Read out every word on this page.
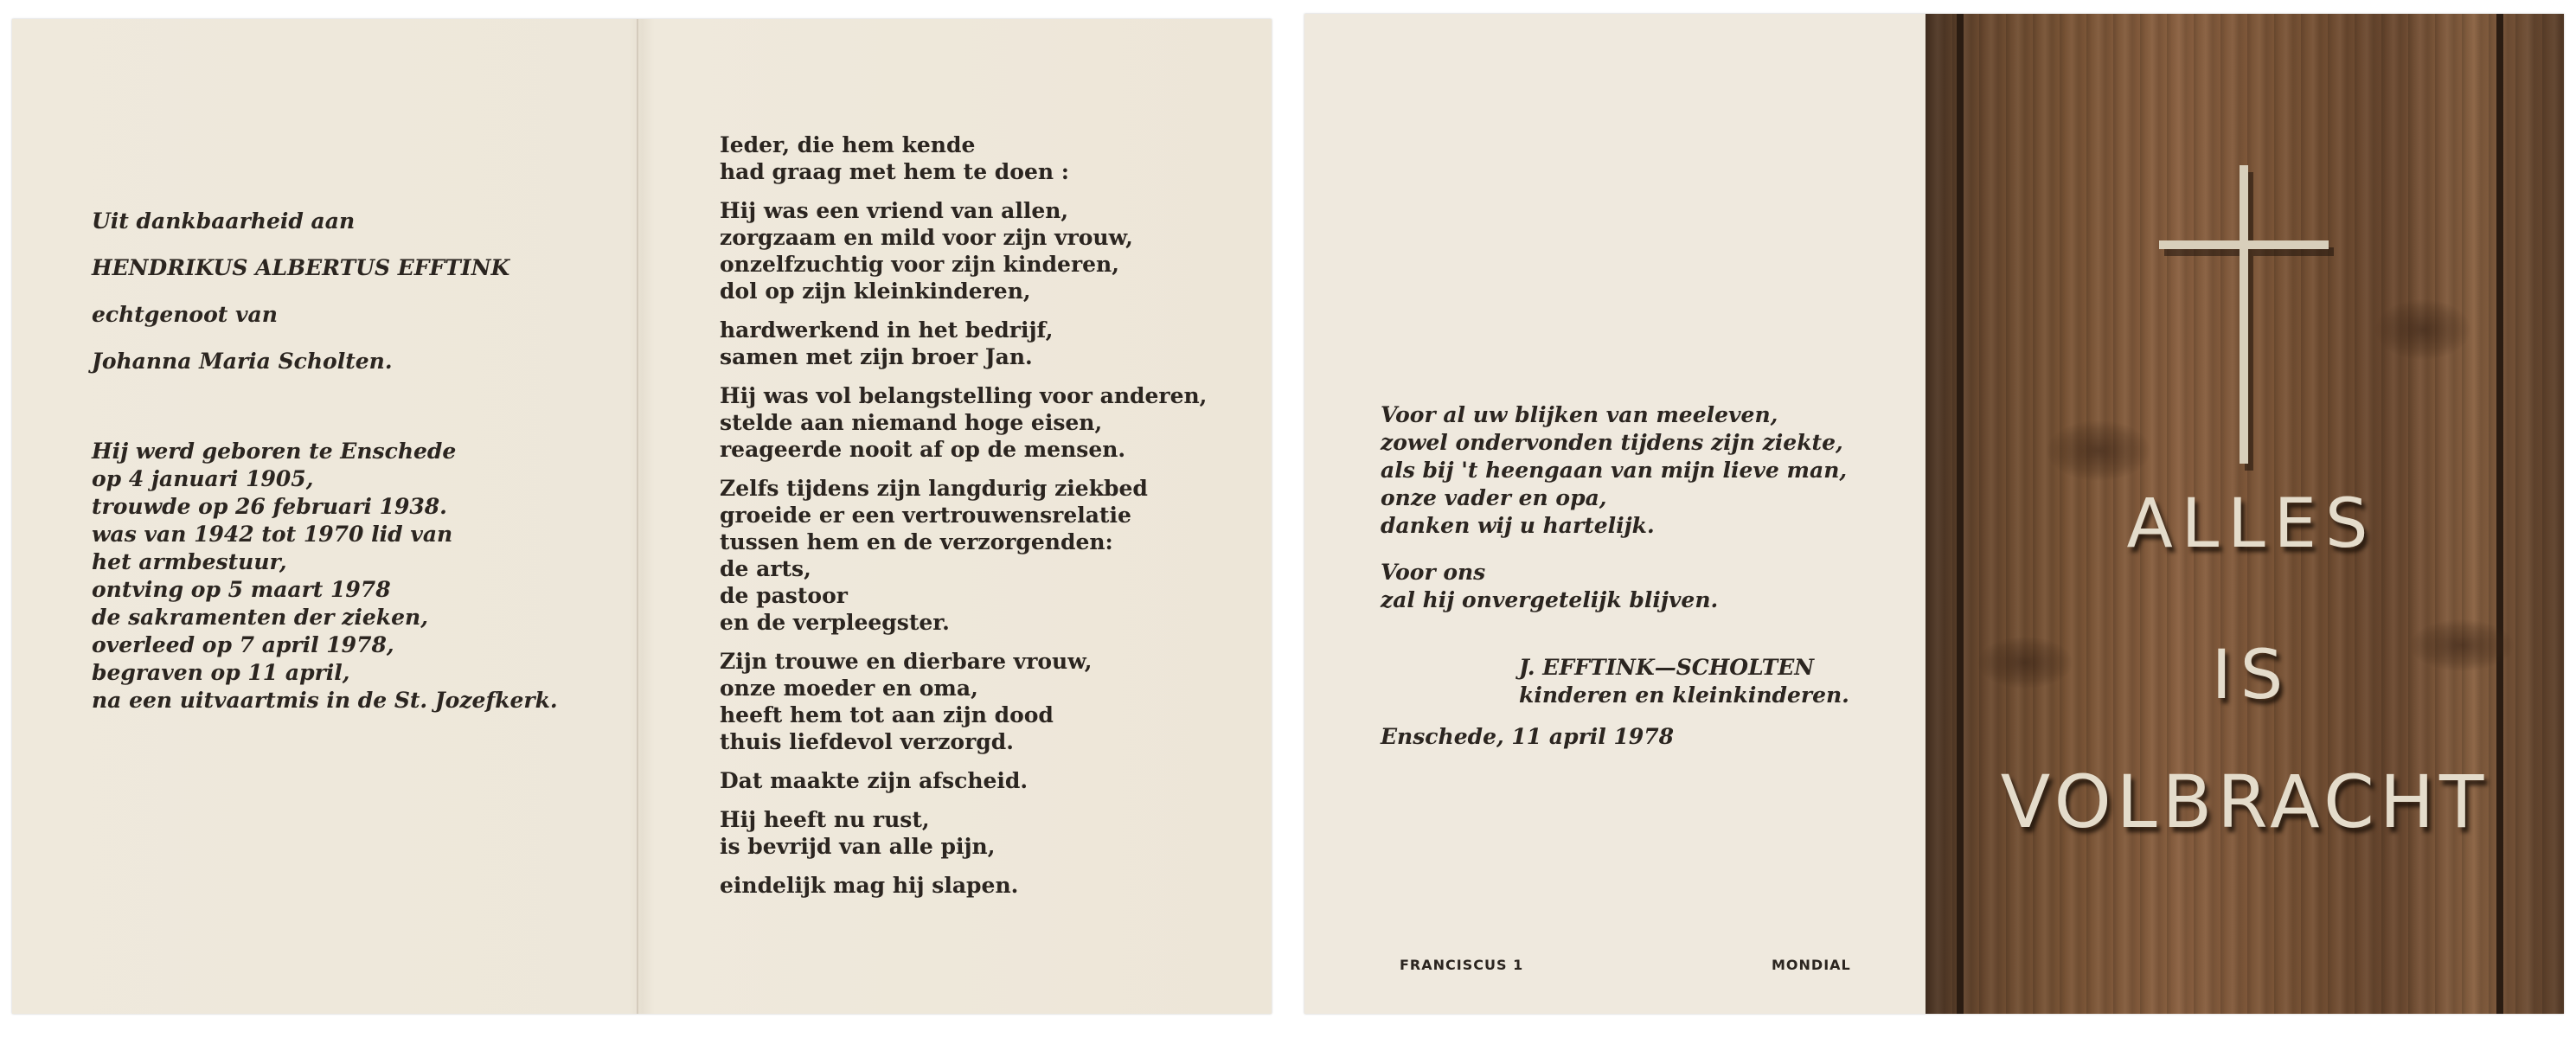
Uit dankbaarheid aan
HENDRIKUS ALBERTUS EFFTINK
echtgenoot van
Johanna Maria Scholten.
Hij werd geboren te Enschede
op 4 januari 1905,
trouwde op 26 februari 1938.
was van 1942 tot 1970 lid van
het armbestuur,
ontving op 5 maart 1978
de sakramenten der zieken,
overleed op 7 april 1978,
begraven op 11 april,
na een uitvaartmis in de St. Jozefkerk.
Ieder, die hem kende
had graag met hem te doen :
Hij was een vriend van allen,
zorgzaam en mild voor zijn vrouw,
onzelfzuchtig voor zijn kinderen,
dol op zijn kleinkinderen,
hardwerkend in het bedrijf,
samen met zijn broer Jan.
Hij was vol belangstelling voor anderen,
stelde aan niemand hoge eisen,
reageerde nooit af op de mensen.
Zelfs tijdens zijn langdurig ziekbed
groeide er een vertrouwensrelatie
tussen hem en de verzorgenden:
de arts,
de pastoor
en de verpleegster.
Zijn trouwe en dierbare vrouw,
onze moeder en oma,
heeft hem tot aan zijn dood
thuis liefdevol verzorgd.
Dat maakte zijn afscheid.
Hij heeft nu rust,
is bevrijd van alle pijn,
eindelijk mag hij slapen.
Voor al uw blijken van meeleven,
zowel ondervonden tijdens zijn ziekte,
als bij 't heengaan van mijn lieve man,
onze vader en opa,
danken wij u hartelijk.
Voor ons
zal hij onvergetelijk blijven.
J. EFFTINK—SCHOLTEN
kinderen en kleinkinderen.
Enschede, 11 april 1978
FRANCISCUS 1	MONDIAL
ALLES
IS
VOLBRACHT
